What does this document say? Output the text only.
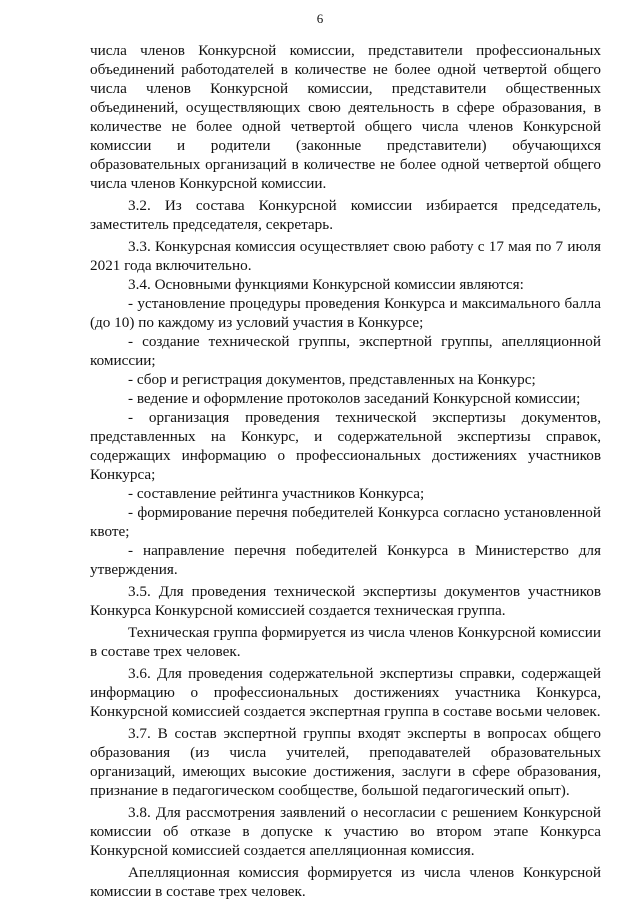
6

числа членов Конкурсной комиссии, представители профессиональных объединений работодателей в количестве не более одной четвертой общего числа членов Конкурсной комиссии, представители общественных объединений, осуществляющих свою деятельность в сфере образования, в количестве не более одной четвертой общего числа членов Конкурсной комиссии и родители (законные представители) обучающихся образовательных организаций в количестве не более одной четвертой общего числа членов Конкурсной комиссии.

3.2. Из состава Конкурсной комиссии избирается председатель, заместитель председателя, секретарь.

3.3. Конкурсная комиссия осуществляет свою работу с 17 мая по 7 июля 2021 года включительно.

3.4. Основными функциями Конкурсной комиссии являются:

- установление процедуры проведения Конкурса и максимального балла (до 10) по каждому из условий участия в Конкурсе;

- создание технической группы, экспертной группы, апелляционной комиссии;

- сбор и регистрация документов, представленных на Конкурс;

- ведение и оформление протоколов заседаний Конкурсной комиссии;

- организация проведения технической экспертизы документов, представленных на Конкурс, и содержательной экспертизы справок, содержащих информацию о профессиональных достижениях участников Конкурса;

- составление рейтинга участников Конкурса;

- формирование перечня победителей Конкурса согласно установленной квоте;

- направление перечня победителей Конкурса в Министерство для утверждения.

3.5. Для проведения технической экспертизы документов участников Конкурса Конкурсной комиссией создается техническая группа.

Техническая группа формируется из числа членов Конкурсной комиссии в составе трех человек.

3.6. Для проведения содержательной экспертизы справки, содержащей информацию о профессиональных достижениях участника Конкурса, Конкурсной комиссией создается экспертная группа в составе восьми человек.

3.7. В состав экспертной группы входят эксперты в вопросах общего образования (из числа учителей, преподавателей образовательных организаций, имеющих высокие достижения, заслуги в сфере образования, признание в педагогическом сообществе, большой педагогический опыт).

3.8. Для рассмотрения заявлений о несогласии с решением Конкурсной комиссии об отказе в допуске к участию во втором этапе Конкурса Конкурсной комиссией создается апелляционная комиссия.

Апелляционная комиссия формируется из числа членов Конкурсной комиссии в составе трех человек.
